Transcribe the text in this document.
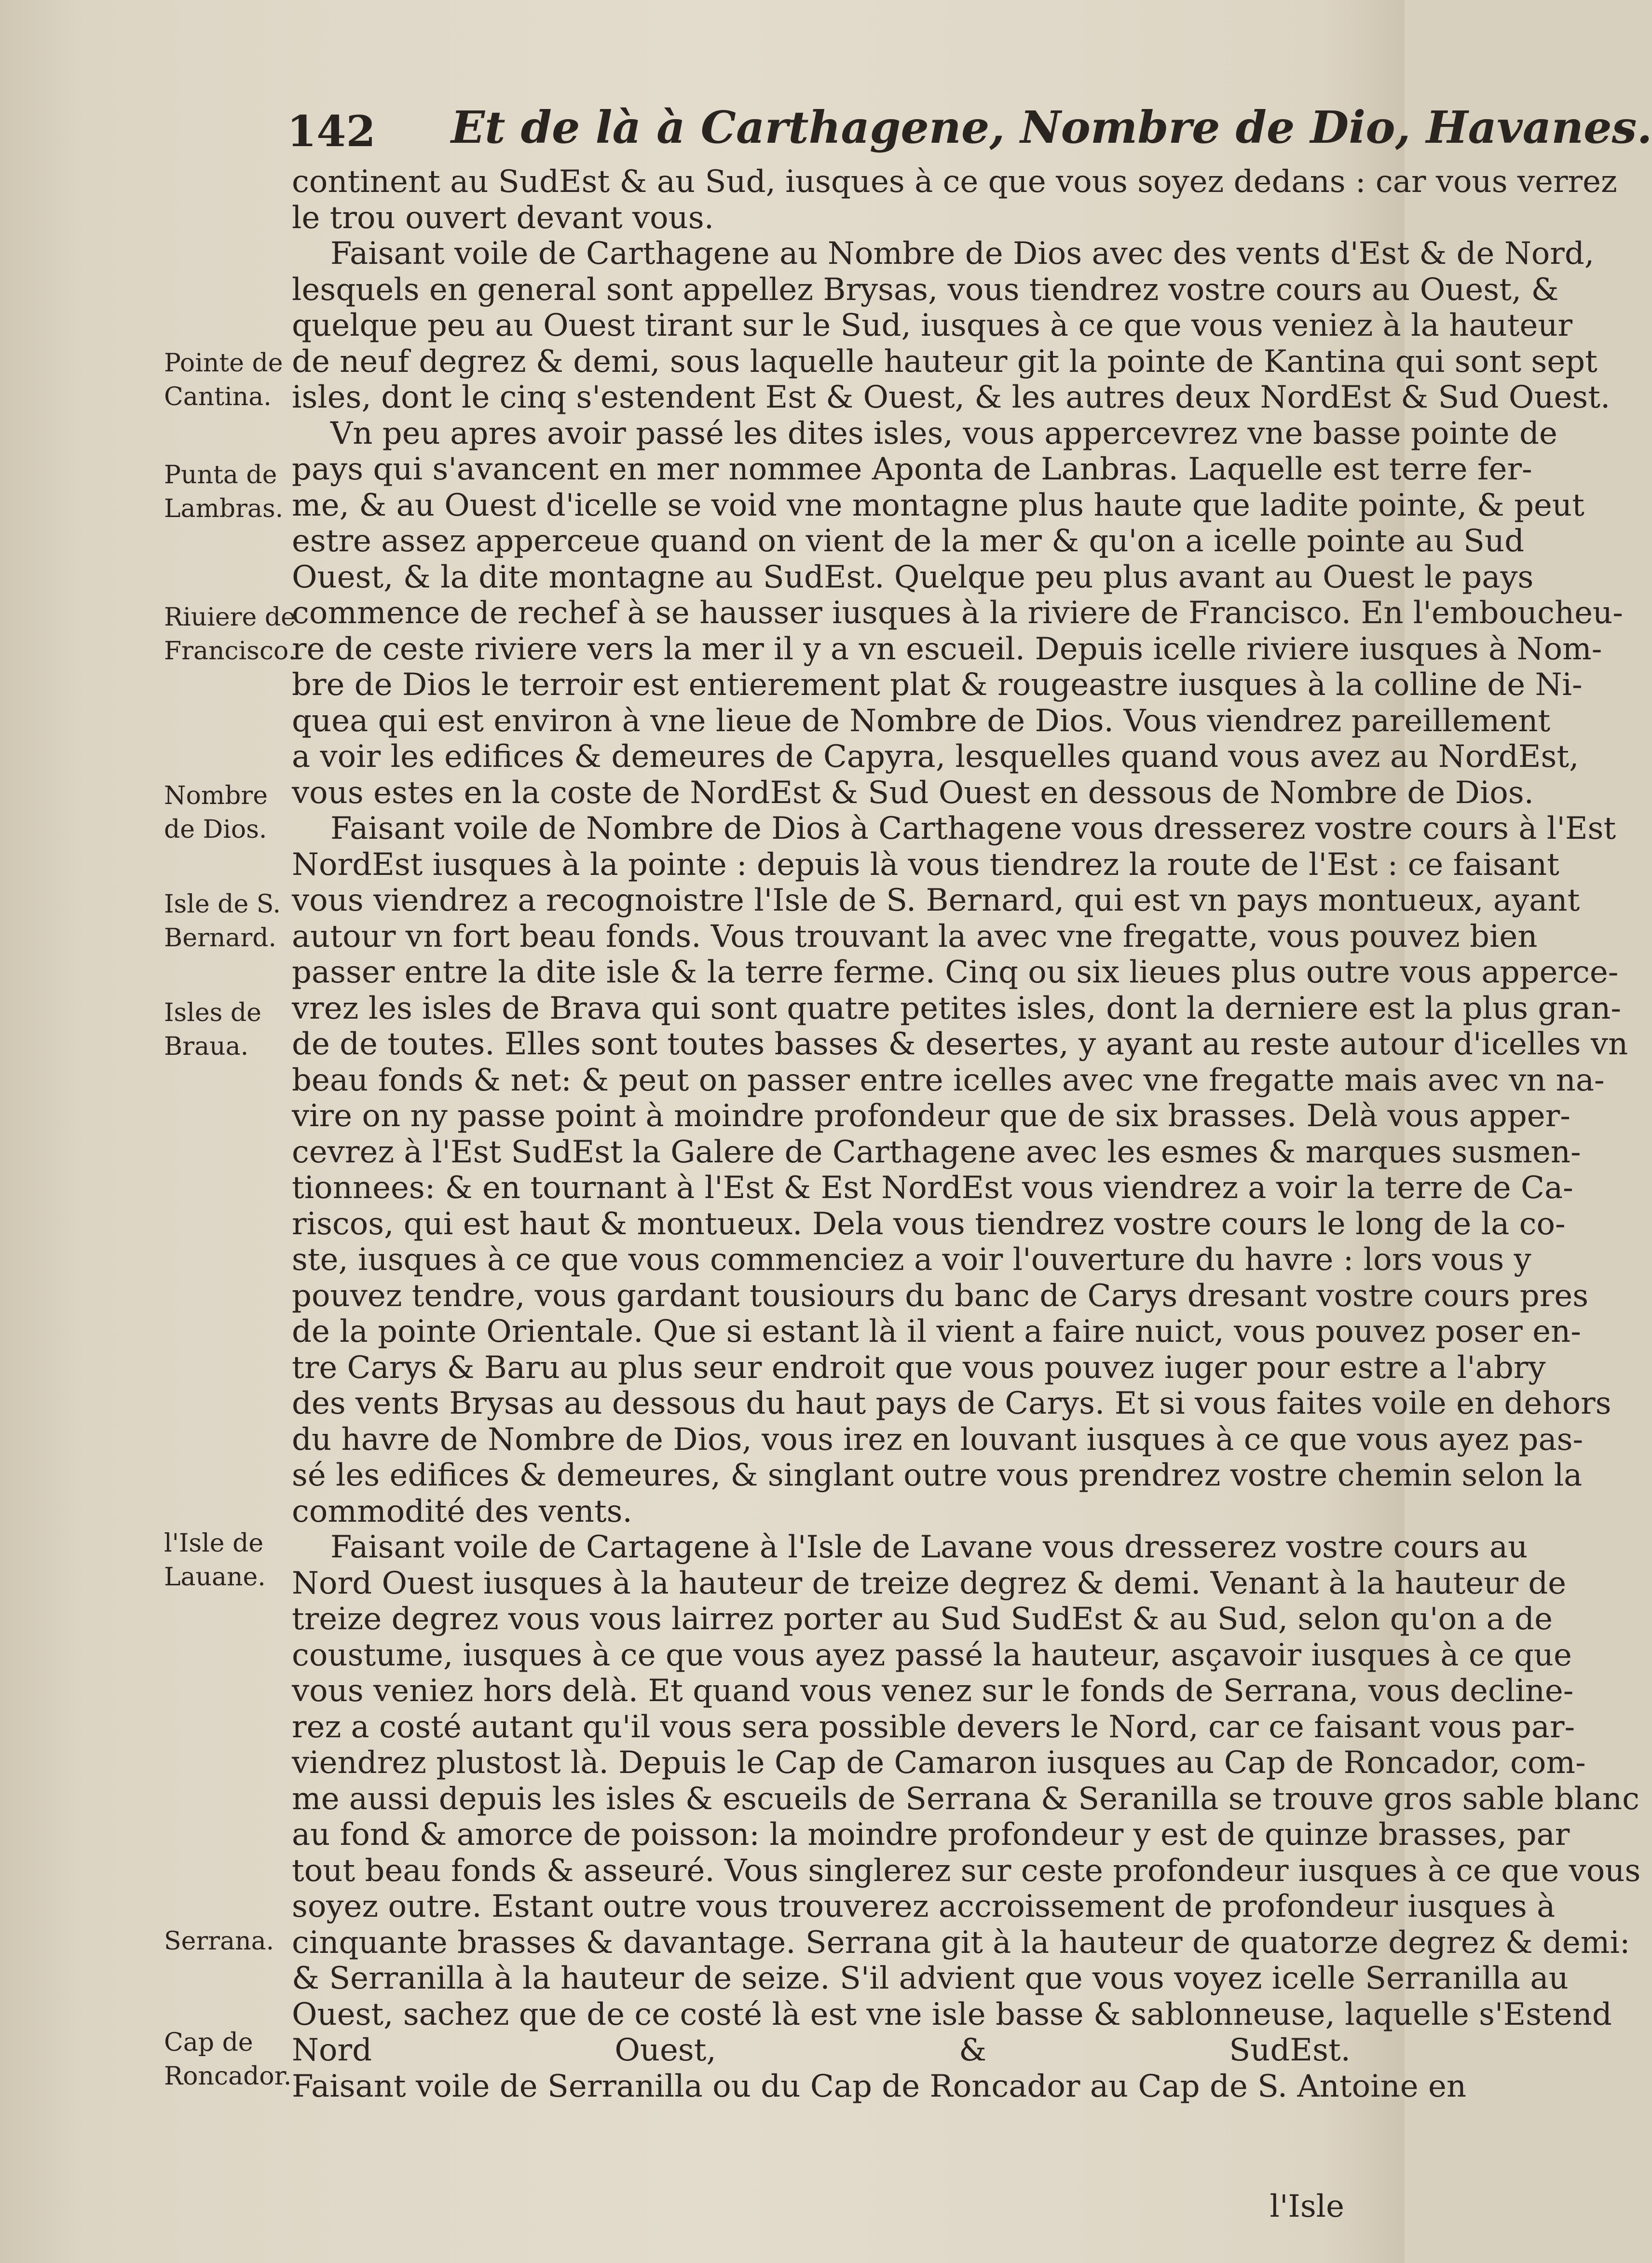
142 Et de là à Carthagene, Nombre de Dio, Havanes.
Pointe de
Cantina.
Punta de
Lambras.
Riuiere de
Francisco.
Nombre
de Dios.
Isle de S.
Bernard.
Isles de
Braua.
l'Isle de
Lauane.
Serrana.
Cap de
Roncador.
continent au SudEst & au Sud, iusques à ce que vous soyez dedans : car vous verrez
le trou ouvert devant vous.
Faisant voile de Carthagene au Nombre de Dios avec des vents d'Est & de Nord,
lesquels en general sont appellez Brysas, vous tiendrez vostre cours au Ouest, &
quelque peu au Ouest tirant sur le Sud, iusques à ce que vous veniez à la hauteur
de neuf degrez & demi, sous laquelle hauteur git la pointe de Kantina qui sont sept
isles, dont le cinq s'estendent Est & Ouest, & les autres deux NordEst & Sud Ouest.
Vn peu apres avoir passé les dites isles, vous appercevrez vne basse pointe de
pays qui s'avancent en mer nommee Aponta de Lanbras. Laquelle est terre fer-
me, & au Ouest d'icelle se void vne montagne plus haute que ladite pointe, & peut
estre assez apperceue quand on vient de la mer & qu'on a icelle pointe au Sud
Ouest, & la dite montagne au SudEst. Quelque peu plus avant au Ouest le pays
commence de rechef à se hausser iusques à la riviere de Francisco. En l'emboucheu-
re de ceste riviere vers la mer il y a vn escueil. Depuis icelle riviere iusques à Nom-
bre de Dios le terroir est entierement plat & rougeastre iusques à la colline de Ni-
quea qui est environ à vne lieue de Nombre de Dios. Vous viendrez pareillement
a voir les edifices & demeures de Capyra, lesquelles quand vous avez au NordEst,
vous estes en la coste de NordEst & Sud Ouest en dessous de Nombre de Dios.
Faisant voile de Nombre de Dios à Carthagene vous dresserez vostre cours à l'Est
NordEst iusques à la pointe : depuis là vous tiendrez la route de l'Est : ce faisant
vous viendrez a recognoistre l'Isle de S. Bernard, qui est vn pays montueux, ayant
autour vn fort beau fonds. Vous trouvant la avec vne fregatte, vous pouvez bien
passer entre la dite isle & la terre ferme. Cinq ou six lieues plus outre vous apperce-
vrez les isles de Brava qui sont quatre petites isles, dont la derniere est la plus gran-
de de toutes. Elles sont toutes basses & desertes, y ayant au reste autour d'icelles vn
beau fonds & net: & peut on passer entre icelles avec vne fregatte mais avec vn na-
vire on ny passe point à moindre profondeur que de six brasses. Delà vous apper-
cevrez à l'Est SudEst la Galere de Carthagene avec les esmes & marques susmen-
tionnees: & en tournant à l'Est & Est NordEst vous viendrez a voir la terre de Ca-
riscos, qui est haut & montueux. Dela vous tiendrez vostre cours le long de la co-
ste, iusques à ce que vous commenciez a voir l'ouverture du havre : lors vous y
pouvez tendre, vous gardant tousiours du banc de Carys dresant vostre cours pres
de la pointe Orientale. Que si estant là il vient a faire nuict, vous pouvez poser en-
tre Carys & Baru au plus seur endroit que vous pouvez iuger pour estre a l'abry
des vents Brysas au dessous du haut pays de Carys. Et si vous faites voile en dehors
du havre de Nombre de Dios, vous irez en louvant iusques à ce que vous ayez pas-
sé les edifices & demeures, & singlant outre vous prendrez vostre chemin selon la
commodité des vents.
Faisant voile de Cartagene à l'Isle de Lavane vous dresserez vostre cours au
Nord Ouest iusques à la hauteur de treize degrez & demi. Venant à la hauteur de
treize degrez vous vous lairrez porter au Sud SudEst & au Sud, selon qu'on a de
coustume, iusques à ce que vous ayez passé la hauteur, asçavoir iusques à ce que
vous veniez hors delà. Et quand vous venez sur le fonds de Serrana, vous decline-
rez a costé autant qu'il vous sera possible devers le Nord, car ce faisant vous par-
viendrez plustost là. Depuis le Cap de Camaron iusques au Cap de Roncador, com-
me aussi depuis les isles & escueils de Serrana & Seranilla se trouve gros sable blanc
au fond & amorce de poisson: la moindre profondeur y est de quinze brasses, par
tout beau fonds & asseuré. Vous singlerez sur ceste profondeur iusques à ce que vous
soyez outre. Estant outre vous trouverez accroissement de profondeur iusques à
cinquante brasses & davantage. Serrana git à la hauteur de quatorze degrez & demi:
& Serranilla à la hauteur de seize. S'il advient que vous voyez icelle Serranilla au
Ouest, sachez que de ce costé là est vne isle basse & sablonneuse, laquelle s'Estend
Nord Ouest, & SudEst.
Faisant voile de Serranilla ou du Cap de Roncador au Cap de S. Antoine en
l'Isle
